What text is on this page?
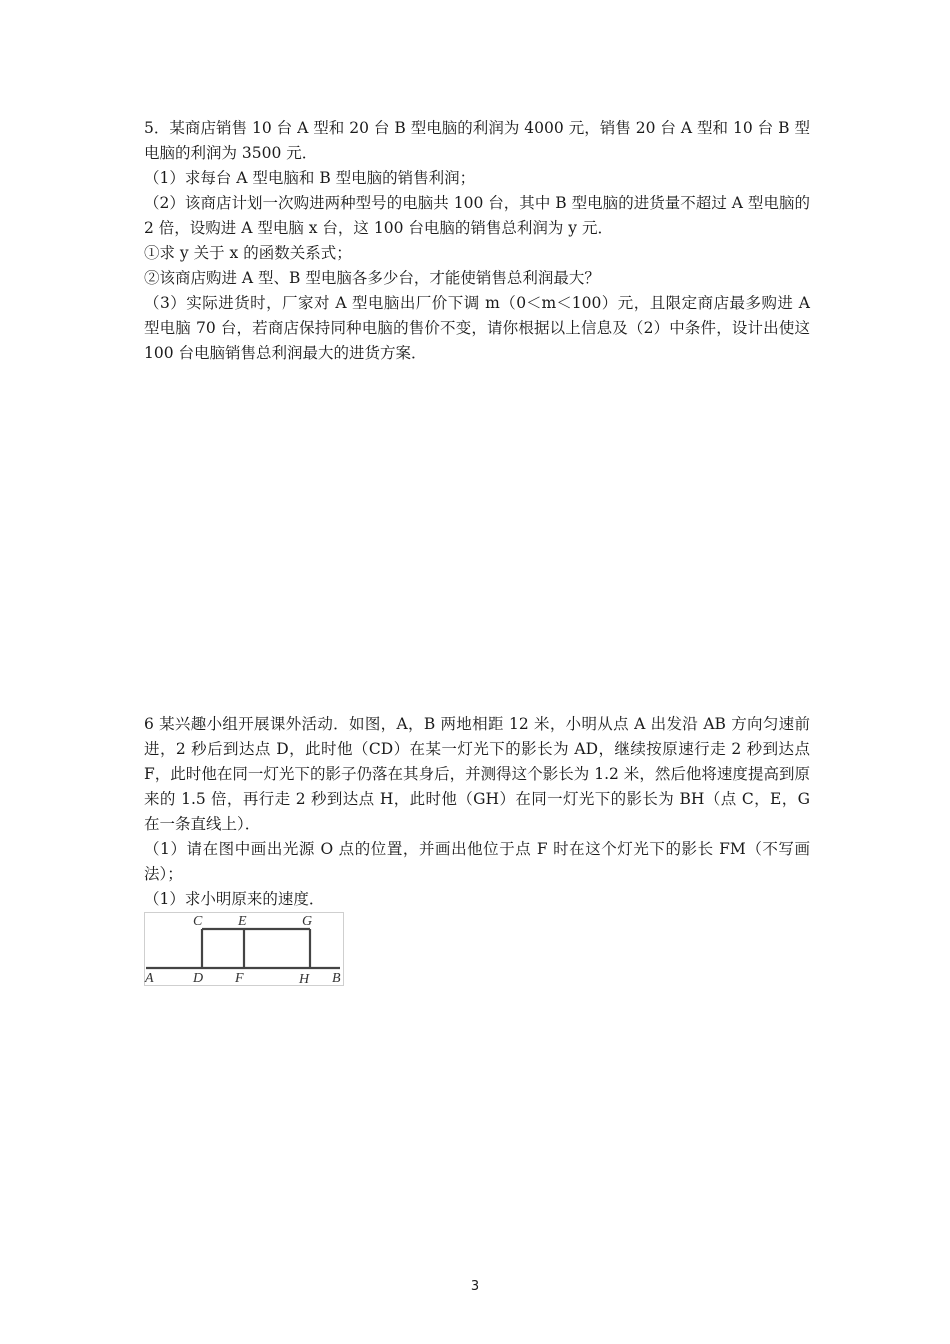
5．某商店销售 10 台 A 型和 20 台 B 型电脑的利润为 4000 元，销售 20 台 A 型和 10 台 B 型电脑的利润为 3500 元．

（1）求每台 A 型电脑和 B 型电脑的销售利润；

（2）该商店计划一次购进两种型号的电脑共 100 台，其中 B 型电脑的进货量不超过 A 型电脑的 2 倍，设购进 A 型电脑 x 台，这 100 台电脑的销售总利润为 y 元．

①求 y 关于 x 的函数关系式；

②该商店购进 A 型、B 型电脑各多少台，才能使销售总利润最大？

（3）实际进货时，厂家对 A 型电脑出厂价下调 m（0＜m＜100）元，且限定商店最多购进 A 型电脑 70 台，若商店保持同种电脑的售价不变，请你根据以上信息及（2）中条件，设计出使这 100 台电脑销售总利润最大的进货方案．

6 某兴趣小组开展课外活动．如图，A，B 两地相距 12 米，小明从点 A 出发沿 AB 方向匀速前进，2 秒后到达点 D，此时他（CD）在某一灯光下的影长为 AD，继续按原速行走 2 秒到达点 F，此时他在同一灯光下的影子仍落在其身后，并测得这个影长为 1.2 米，然后他将速度提高到原来的 1.5 倍，再行走 2 秒到达点 H，此时他（GH）在同一灯光下的影长为 BH（点 C，E，G 在一条直线上）．

（1）请在图中画出光源 O 点的位置，并画出他位于点 F 时在这个灯光下的影长 FM（不写画法）；

（1）求小明原来的速度．

C	E	G
A	D F	H B
3
